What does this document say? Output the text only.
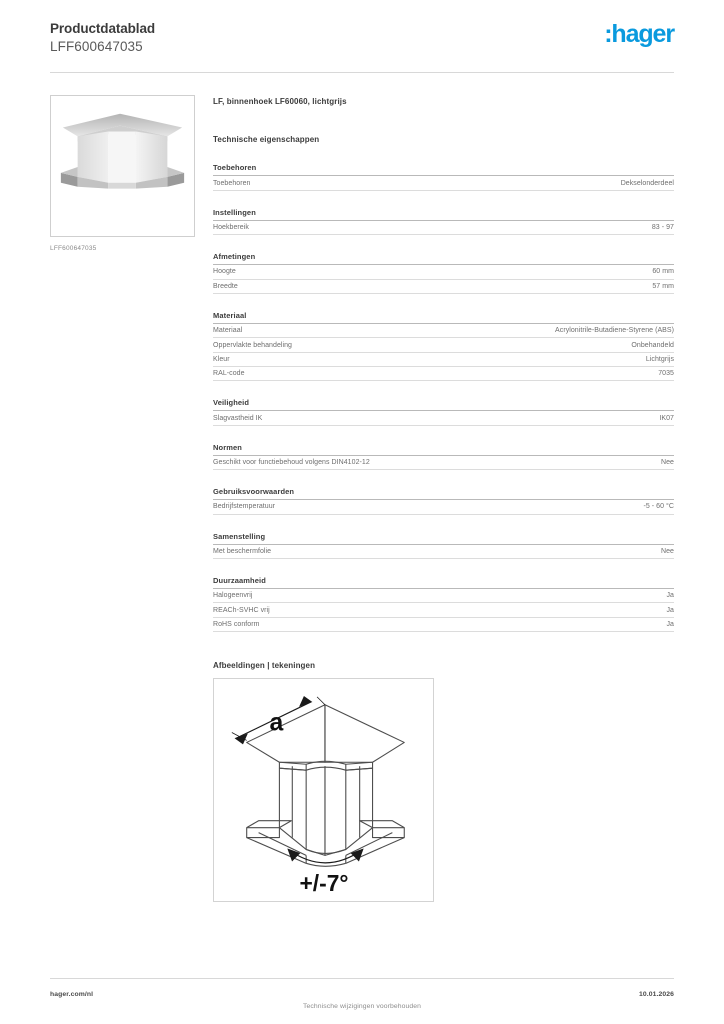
Productdatablad
LFF600647035	:hager
LFF600647035
LF, binnenhoek LF60060, lichtgrijs
Technische eigenschappen
Toebehoren
Toebehoren	Dekselonderdeel
Instellingen
Hoekbereik	83 - 97
Afmetingen
Hoogte	60 mm
Breedte	57 mm
Materiaal
Materiaal	Acrylonitrile-Butadiene-Styrene (ABS)
Oppervlakte behandeling	Onbehandeld
Kleur	Lichtgrijs
RAL-code	7035
Veiligheid
Slagvastheid IK	IK07
Normen
Geschikt voor functiebehoud volgens DIN4102-12	Nee
Gebruiksvoorwaarden
Bedrijfstemperatuur	-5 - 60 °C
Samenstelling
Met beschermfolie	Nee
Duurzaamheid
Halogeenvrij	Ja
REACh-SVHC vrij	Ja
RoHS conform	Ja
Afbeeldingen | tekeningen
a
+/-7°
hager.com/nl
Technische wijzigingen voorbehouden
10.01.2026
